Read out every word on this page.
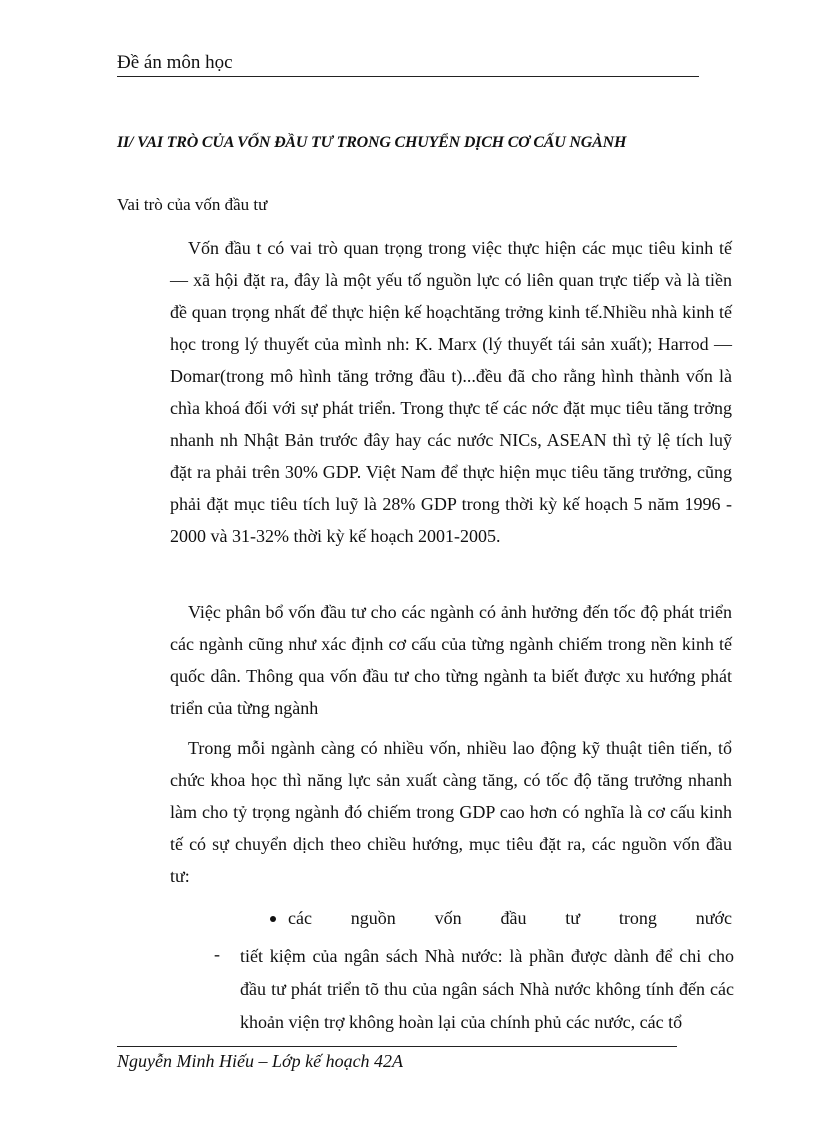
Đề án môn học
II/ VAI TRÒ CỦA VỐN ĐẦU TƯ TRONG CHUYỂN DỊCH CƠ CẤU NGÀNH
Vai trò của vốn đầu tư

Vốn đầu t có vai trò quan trọng trong việc thực hiện các mục tiêu kinh tế — xã hội đặt ra, đây là một yếu tố nguồn lực có liên quan trực tiếp và là tiền đề quan trọng nhất để thực hiện kế hoạchtăng trởng kinh tế.Nhiều nhà kinh tế học trong lý thuyết của mình nh: K. Marx (lý thuyết tái sản xuất); Harrod — Domar(trong mô hình tăng trởng đầu t)...đều đã cho rằng hình thành vốn là chìa khoá đối với sự phát triển. Trong thực tế các nớc đặt mục tiêu tăng trởng nhanh nh Nhật Bản trước đây hay các nước NICs, ASEAN thì tỷ lệ tích luỹ đặt ra phải trên 30% GDP. Việt Nam để thực hiện mục tiêu tăng trưởng, cũng phải đặt mục tiêu tích luỹ là 28% GDP trong thời kỳ kế hoạch 5 năm 1996 - 2000 và 31-32% thời kỳ kế hoạch 2001-2005.

Việc phân bổ vốn đầu tư cho các ngành có ảnh hưởng đến tốc độ phát triển các ngành cũng như xác định cơ cấu của từng ngành chiếm trong nền kinh tế quốc dân. Thông qua vốn đầu tư cho từng ngành ta biết được xu hướng phát triển của từng ngành

Trong mỗi ngành càng có nhiều vốn, nhiều lao động kỹ thuật tiên tiến, tổ chức khoa học thì năng lực sản xuất càng tăng, có tốc độ tăng trưởng nhanh làm cho tỷ trọng ngành đó chiếm trong GDP cao hơn có nghĩa là cơ cấu kinh tế có sự chuyển dịch theo chiều hướng, mục tiêu đặt ra, các nguồn vốn đầu tư:

các nguồn vốn đầu tư trong nước
- tiết kiệm của ngân sách Nhà nước: là phần được dành để chi cho đầu tư phát triển tõ thu của ngân sách Nhà nước không tính đến các khoản viện trợ không hoàn lại của chính phủ các nước, các tổ

Nguyễn Minh Hiếu – Lớp kế hoạch 42A
